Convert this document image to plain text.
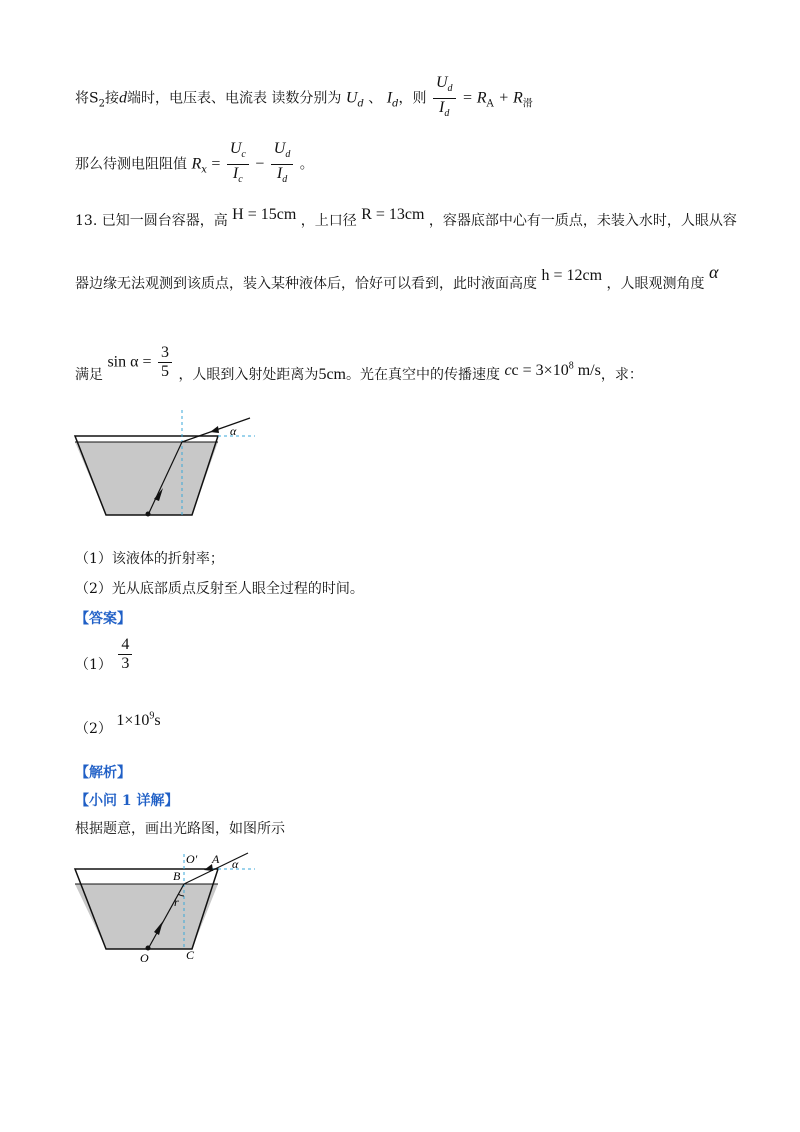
将$S_2$接d端时，电压表、电流表 读数分别为 $U_d$ 、 $I_d$，则 $\frac{U_d}{I_d} = R_A + R_滑$
那么待测电阻阻值 $R_x = \frac{U_c}{I_c} - \frac{U_d}{I_d}$ 。
13. 已知一圆台容器，高 H = 15cm ，上口径 R = 13cm ，容器底部中心有一质点，未装入水时，人眼从容
器边缘无法观测到该质点，装入某种液体后，恰好可以看到，此时液面高度 h = 12cm ，人眼观测角度 α
满足 $\sin \alpha = \frac{3}{5}$ ，人眼到入射处距离为5cm。光在真空中的传播速度 cc = $3\times 10^8$ m/s，求：
α
（1）该液体的折射率；
（2）光从底部质点反射至人眼全过程的时间。
【答案】
$(1) \frac{4}{3}$
（2） $1\times 10^9s$
【解析】
【小问 1 详解】
根据题意，画出光路图，如图所示
O' A α
B
r
O	C
